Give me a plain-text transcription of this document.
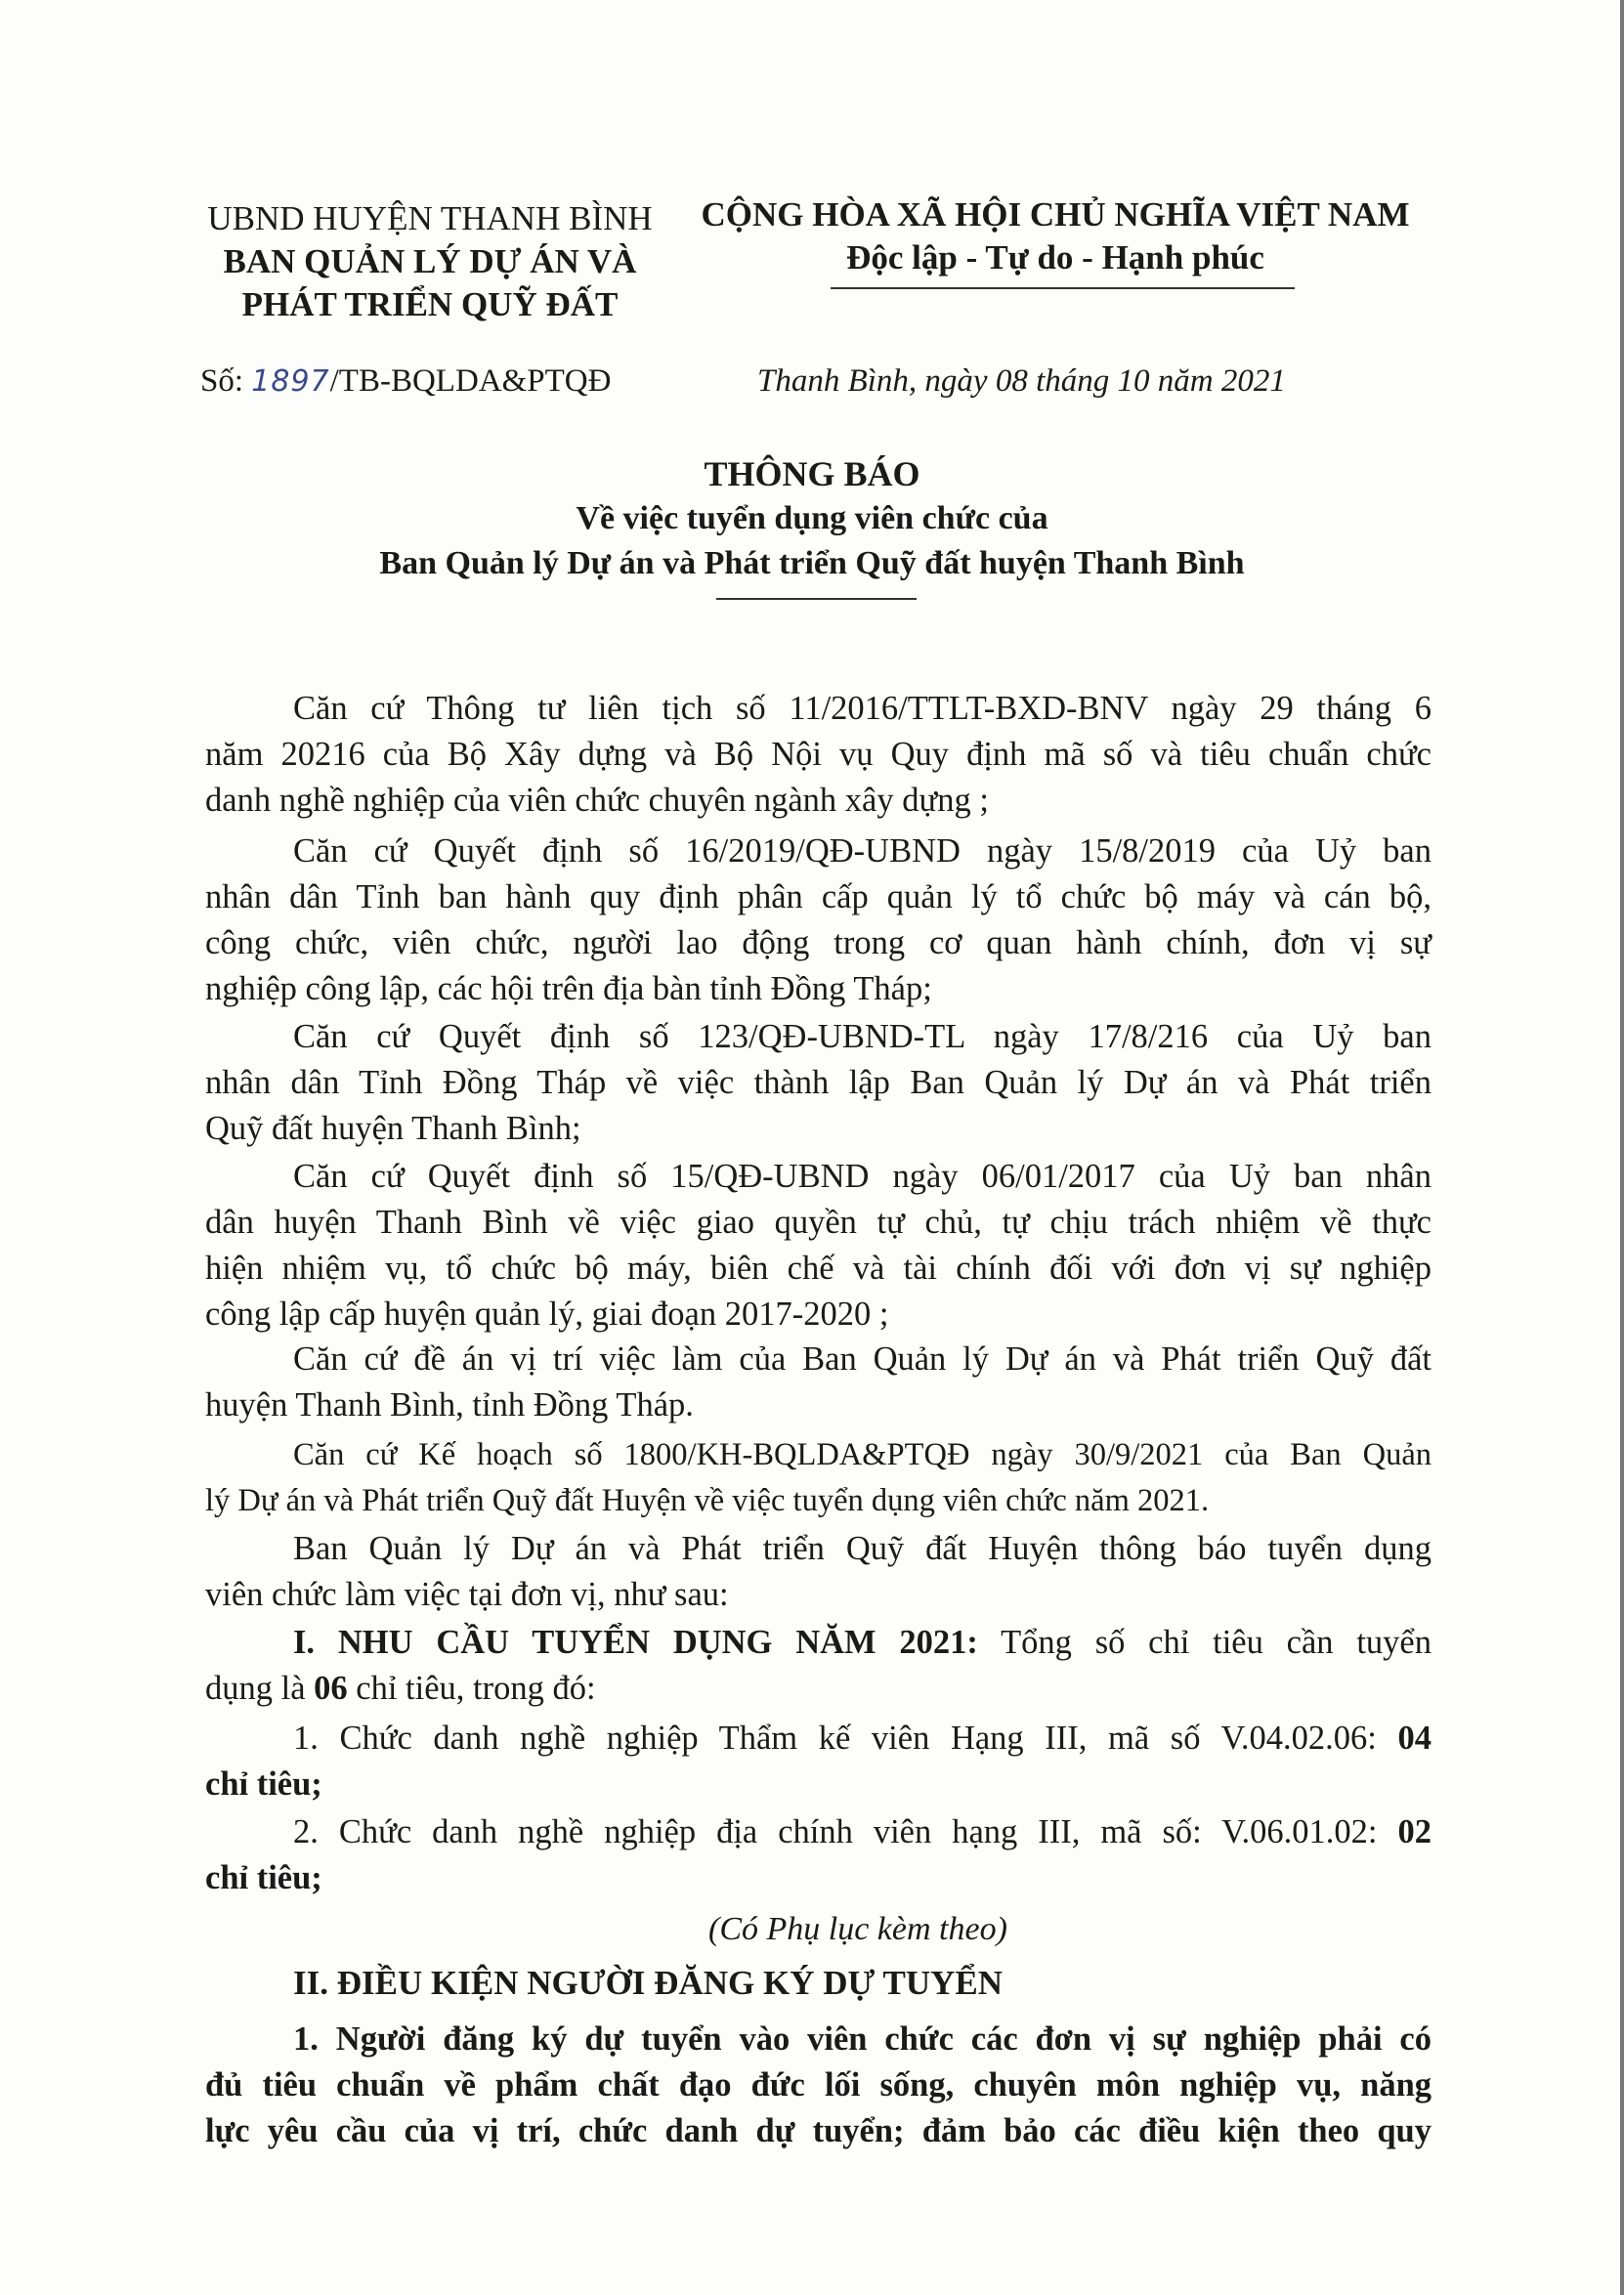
UBND HUYỆN THANH BÌNH
BAN QUẢN LÝ DỰ ÁN VÀ
PHÁT TRIỂN QUỸ ĐẤT
CỘNG HÒA XÃ HỘI CHỦ NGHĨA VIỆT NAM
Độc lập - Tự do - Hạnh phúc
Số: 1897/TB-BQLDA&PTQĐ	Thanh Bình, ngày 08 tháng 10 năm 2021
THÔNG BÁO
Về việc tuyển dụng viên chức của
Ban Quản lý Dự án và Phát triển Quỹ đất huyện Thanh Bình
Căn cứ Thông tư liên tịch số 11/2016/TTLT-BXD-BNV ngày 29 tháng 6
năm 20216 của Bộ Xây dựng và Bộ Nội vụ Quy định mã số và tiêu chuẩn chức
danh nghề nghiệp của viên chức chuyên ngành xây dựng ;
Căn cứ Quyết định số 16/2019/QĐ-UBND ngày 15/8/2019 của Uỷ ban
nhân dân Tỉnh ban hành quy định phân cấp quản lý tổ chức bộ máy và cán bộ,
công chức, viên chức, người lao động trong cơ quan hành chính, đơn vị sự
nghiệp công lập, các hội trên địa bàn tỉnh Đồng Tháp;
Căn cứ Quyết định số 123/QĐ-UBND-TL ngày 17/8/216 của Uỷ ban
nhân dân Tỉnh Đồng Tháp về việc thành lập Ban Quản lý Dự án và Phát triển
Quỹ đất huyện Thanh Bình;
Căn cứ Quyết định số 15/QĐ-UBND ngày 06/01/2017 của Uỷ ban nhân
dân huyện Thanh Bình về việc giao quyền tự chủ, tự chịu trách nhiệm về thực
hiện nhiệm vụ, tổ chức bộ máy, biên chế và tài chính đối với đơn vị sự nghiệp
công lập cấp huyện quản lý, giai đoạn 2017-2020 ;
Căn cứ đề án vị trí việc làm của Ban Quản lý Dự án và Phát triển Quỹ đất
huyện Thanh Bình, tỉnh Đồng Tháp.
Căn cứ Kế hoạch số 1800/KH-BQLDA&PTQĐ ngày 30/9/2021 của Ban Quản
lý Dự án và Phát triển Quỹ đất Huyện về việc tuyển dụng viên chức năm 2021.
Ban Quản lý Dự án và Phát triển Quỹ đất Huyện thông báo tuyển dụng
viên chức làm việc tại đơn vị, như sau:
I. NHU CẦU TUYỂN DỤNG NĂM 2021: Tổng số chỉ tiêu cần tuyển
dụng là 06 chỉ tiêu, trong đó:
1. Chức danh nghề nghiệp Thẩm kế viên Hạng III, mã số V.04.02.06: 04
chỉ tiêu;
2. Chức danh nghề nghiệp địa chính viên hạng III, mã số: V.06.01.02: 02
chỉ tiêu;
(Có Phụ lục kèm theo)
II. ĐIỀU KIỆN NGƯỜI ĐĂNG KÝ DỰ TUYỂN
1. Người đăng ký dự tuyển vào viên chức các đơn vị sự nghiệp phải có
đủ tiêu chuẩn về phẩm chất đạo đức lối sống, chuyên môn nghiệp vụ, năng
lực yêu cầu của vị trí, chức danh dự tuyển; đảm bảo các điều kiện theo quy
